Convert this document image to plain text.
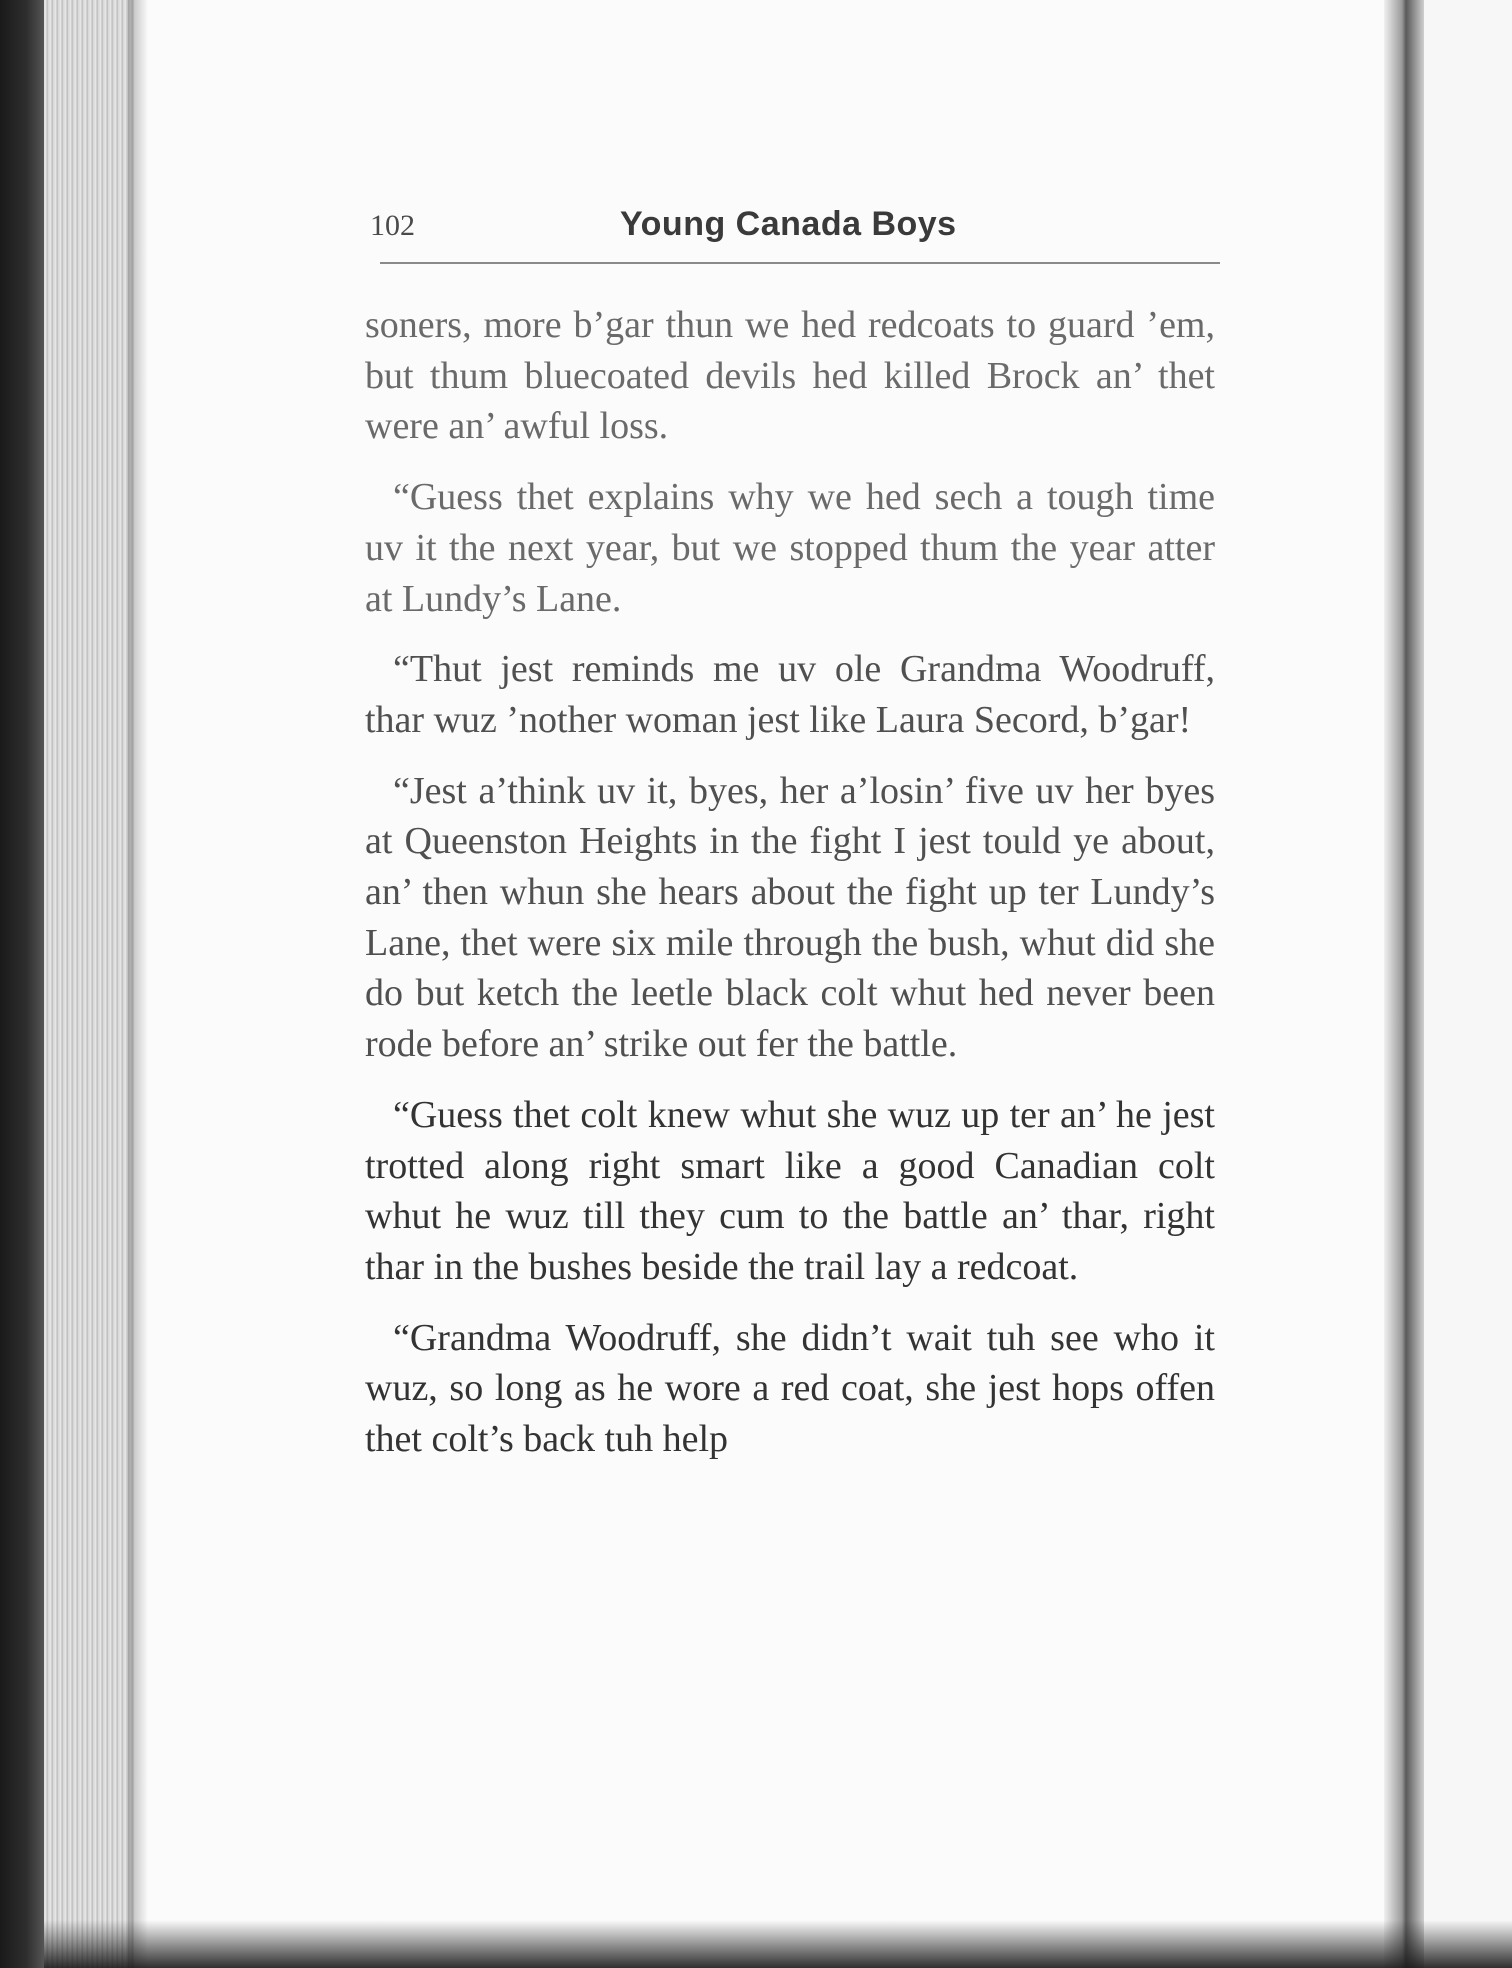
102	Young Canada Boys

soners, more b’gar thun we hed redcoats to guard ’em, but thum bluecoated devils hed killed Brock an’ thet were an’ awful loss.

“Guess thet explains why we hed sech a tough time uv it the next year, but we stopped thum the year atter at Lundy’s Lane.

“Thut jest reminds me uv ole Grandma Woodruff, thar wuz ’nother woman jest like Laura Secord, b’gar!

“Jest a’think uv it, byes, her a’losin’ five uv her byes at Queenston Heights in the fight I jest tould ye about, an’ then whun she hears about the fight up ter Lundy’s Lane, thet were six mile through the bush, whut did she do but ketch the leetle black colt whut hed never been rode before an’ strike out fer the battle.

“Guess thet colt knew whut she wuz up ter an’ he jest trotted along right smart like a good Canadian colt whut he wuz till they cum to the battle an’ thar, right thar in the bushes beside the trail lay a redcoat.

“Grandma Woodruff, she didn’t wait tuh see who it wuz, so long as he wore a red coat, she jest hops offen thet colt’s back tuh help
